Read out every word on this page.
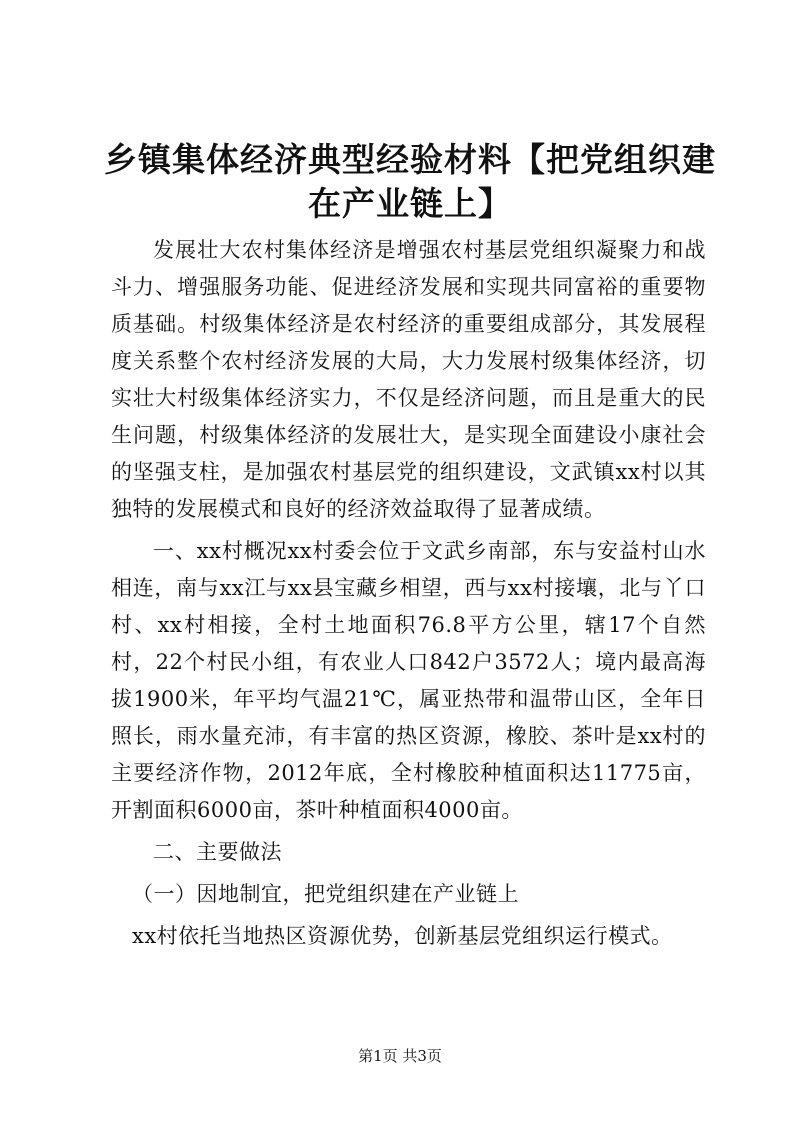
乡镇集体经济典型经验材料【把党组织建在产业链上】

发展壮大农村集体经济是增强农村基层党组织凝聚力和战斗力、增强服务功能、促进经济发展和实现共同富裕的重要物质基础。村级集体经济是农村经济的重要组成部分，其发展程度关系整个农村经济发展的大局，大力发展村级集体经济，切实壮大村级集体经济实力，不仅是经济问题，而且是重大的民生问题，村级集体经济的发展壮大，是实现全面建设小康社会的坚强支柱，是加强农村基层党的组织建设，文武镇xx村以其独特的发展模式和良好的经济效益取得了显著成绩。

一、xx村概况xx村委会位于文武乡南部，东与安益村山水相连，南与xx江与xx县宝藏乡相望，西与xx村接壤，北与丫口村、xx村相接，全村土地面积76.8平方公里，辖17个自然村，22个村民小组，有农业人口842户3572人；境内最高海拔1900米，年平均气温21℃，属亚热带和温带山区，全年日照长，雨水量充沛，有丰富的热区资源，橡胶、茶叶是xx村的主要经济作物，2012年底，全村橡胶种植面积达11775亩，开割面积6000亩，茶叶种植面积4000亩。

二、主要做法

（一）因地制宜，把党组织建在产业链上

xx村依托当地热区资源优势，创新基层党组织运行模式。

第1页 共3页
